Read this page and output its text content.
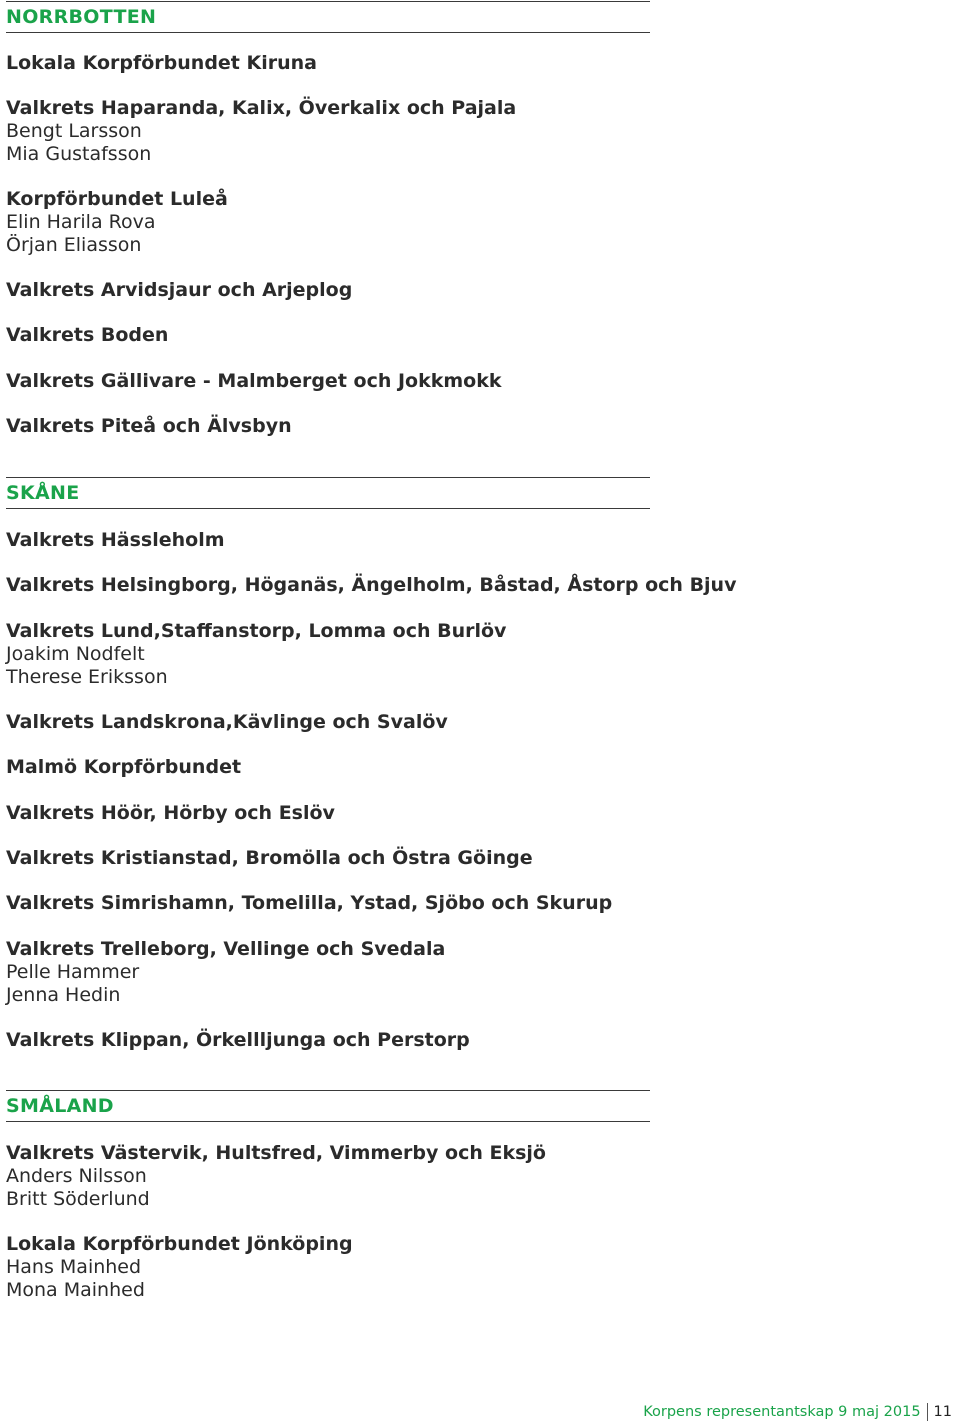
NORRBOTTEN
Lokala Korpförbundet Kiruna
Valkrets Haparanda, Kalix, Överkalix och Pajala
Bengt Larsson
Mia Gustafsson
Korpförbundet Luleå
Elin Harila Rova
Örjan Eliasson
Valkrets Arvidsjaur och Arjeplog
Valkrets Boden
Valkrets Gällivare - Malmberget och Jokkmokk
Valkrets Piteå och Älvsbyn
SKÅNE
Valkrets Hässleholm
Valkrets Helsingborg, Höganäs, Ängelholm, Båstad, Åstorp och Bjuv
Valkrets Lund,Staffanstorp, Lomma och Burlöv
Joakim Nodfelt
Therese Eriksson
Valkrets Landskrona,Kävlinge och Svalöv
Malmö Korpförbundet
Valkrets Höör, Hörby och Eslöv
Valkrets Kristianstad, Bromölla och Östra Göinge
Valkrets Simrishamn, Tomelilla, Ystad, Sjöbo och Skurup
Valkrets Trelleborg, Vellinge och Svedala
Pelle Hammer
Jenna Hedin
Valkrets Klippan, Örkellljunga och Perstorp
SMÅLAND
Valkrets Västervik, Hultsfred, Vimmerby och Eksjö
Anders Nilsson
Britt Söderlund
Lokala Korpförbundet Jönköping
Hans Mainhed
Mona Mainhed
Korpens representantskap 9 maj 2015 11
